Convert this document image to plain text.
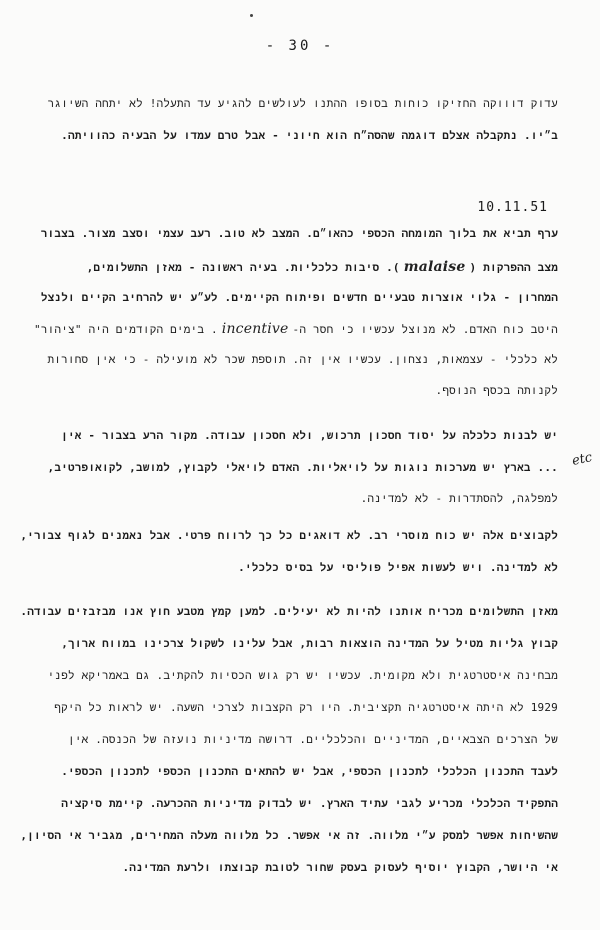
- 30 -
עדוק דוווקה החזיקו כוחות בסופו ההתנו לעולשים להגיע עד התעלה! לא יתחה השיוגר
ב״יו. נתקבלה אצלם דוגמה שהסה״ח הוא חיוני - אבל טרם עמדו על הבעיה כהוויתה.
10.11.51
ערף תביא את בלוך המומחה הכספי כהאו״ם. המצב לא טוב. רעב עצמי וסצב מצור. בצבור
מצב ההפרקות (malaise). סיבות כלכליות. בעיה ראשונה - מאזן התשלומים,
המחרון - גלוי אוצרות טבעיים חדשים ופיתוח הקיימים. לע״ע יש להרחיב הקיים ולנצל
היטב כוח האדם. לא מנוצל עכשיו כי חסר ה-incentive. בימים הקודמים היה "ציהור"
לא כלכלי - עצמאות, נצחון. עכשיו אין זה. תוספת שכר לא מועילה - כי אין סחורות
לקנותה בכסף הנוסף.
יש לבנות כלכלה על יסוד חסכון תרכוש, ולא חסכון עבודה. מקור הרע בצבור - אין
... בארץ יש מערכות נוגות על לויאליות. האדם לויאלי לקבוץ, למושב, לקואופרטיב, etc
למפלגה, להסתדרות - לא למדינה.
לקבוצים אלה יש כוח מוסרי רב. לא דואגים כל כך לרווח פרטי. אבל נאמנים לגוף צבורי,
לא למדינה. ויש לעשות אפיל פוליסי על בסיס כלכלי.
מאזן התשלומים מכריח אותנו להיות לא יעילים. למען קמץ מטבע חוץ אנו מבזבזים עבודה.
קבוץ גליות מטיל על המדינה הוצאות רבות, אבל עלינו לשקול צרכינו במווח ארוך,
מבחינה איסטרטגית ולא מקומית. עכשיו יש רק גוש הכסיות להקתיב. גם באמריקא לפני
1929 לא היתה איסטרטגיה תקציבית. היו רק הקצבות לצרכי השעה. יש לראות כל היקף
של הצרכים הצבאיים, המדיניים והכלכליים. דרושה מדיניות נועזה של הכנסה. אין
לעבד התכנון הכלכלי לתכנון הכספי, אבל יש להתאים התכנון הכספי לתכנון הכספי.
התפקיד הכלכלי מכריע לגבי עתיד הארץ. יש לבדוק מדיניות ההכרעה. קיימת סיקציה
שהשיחות אפשר למסק ע״י מלווה. זה אי אפשר. כל מלווה מעלה המחירים, מגביר אי הסיון,
אי היושר, הקבוץ יוסיף לעסוק בעסק שחור לטובת קבוצתו ולרעת המדינה.
